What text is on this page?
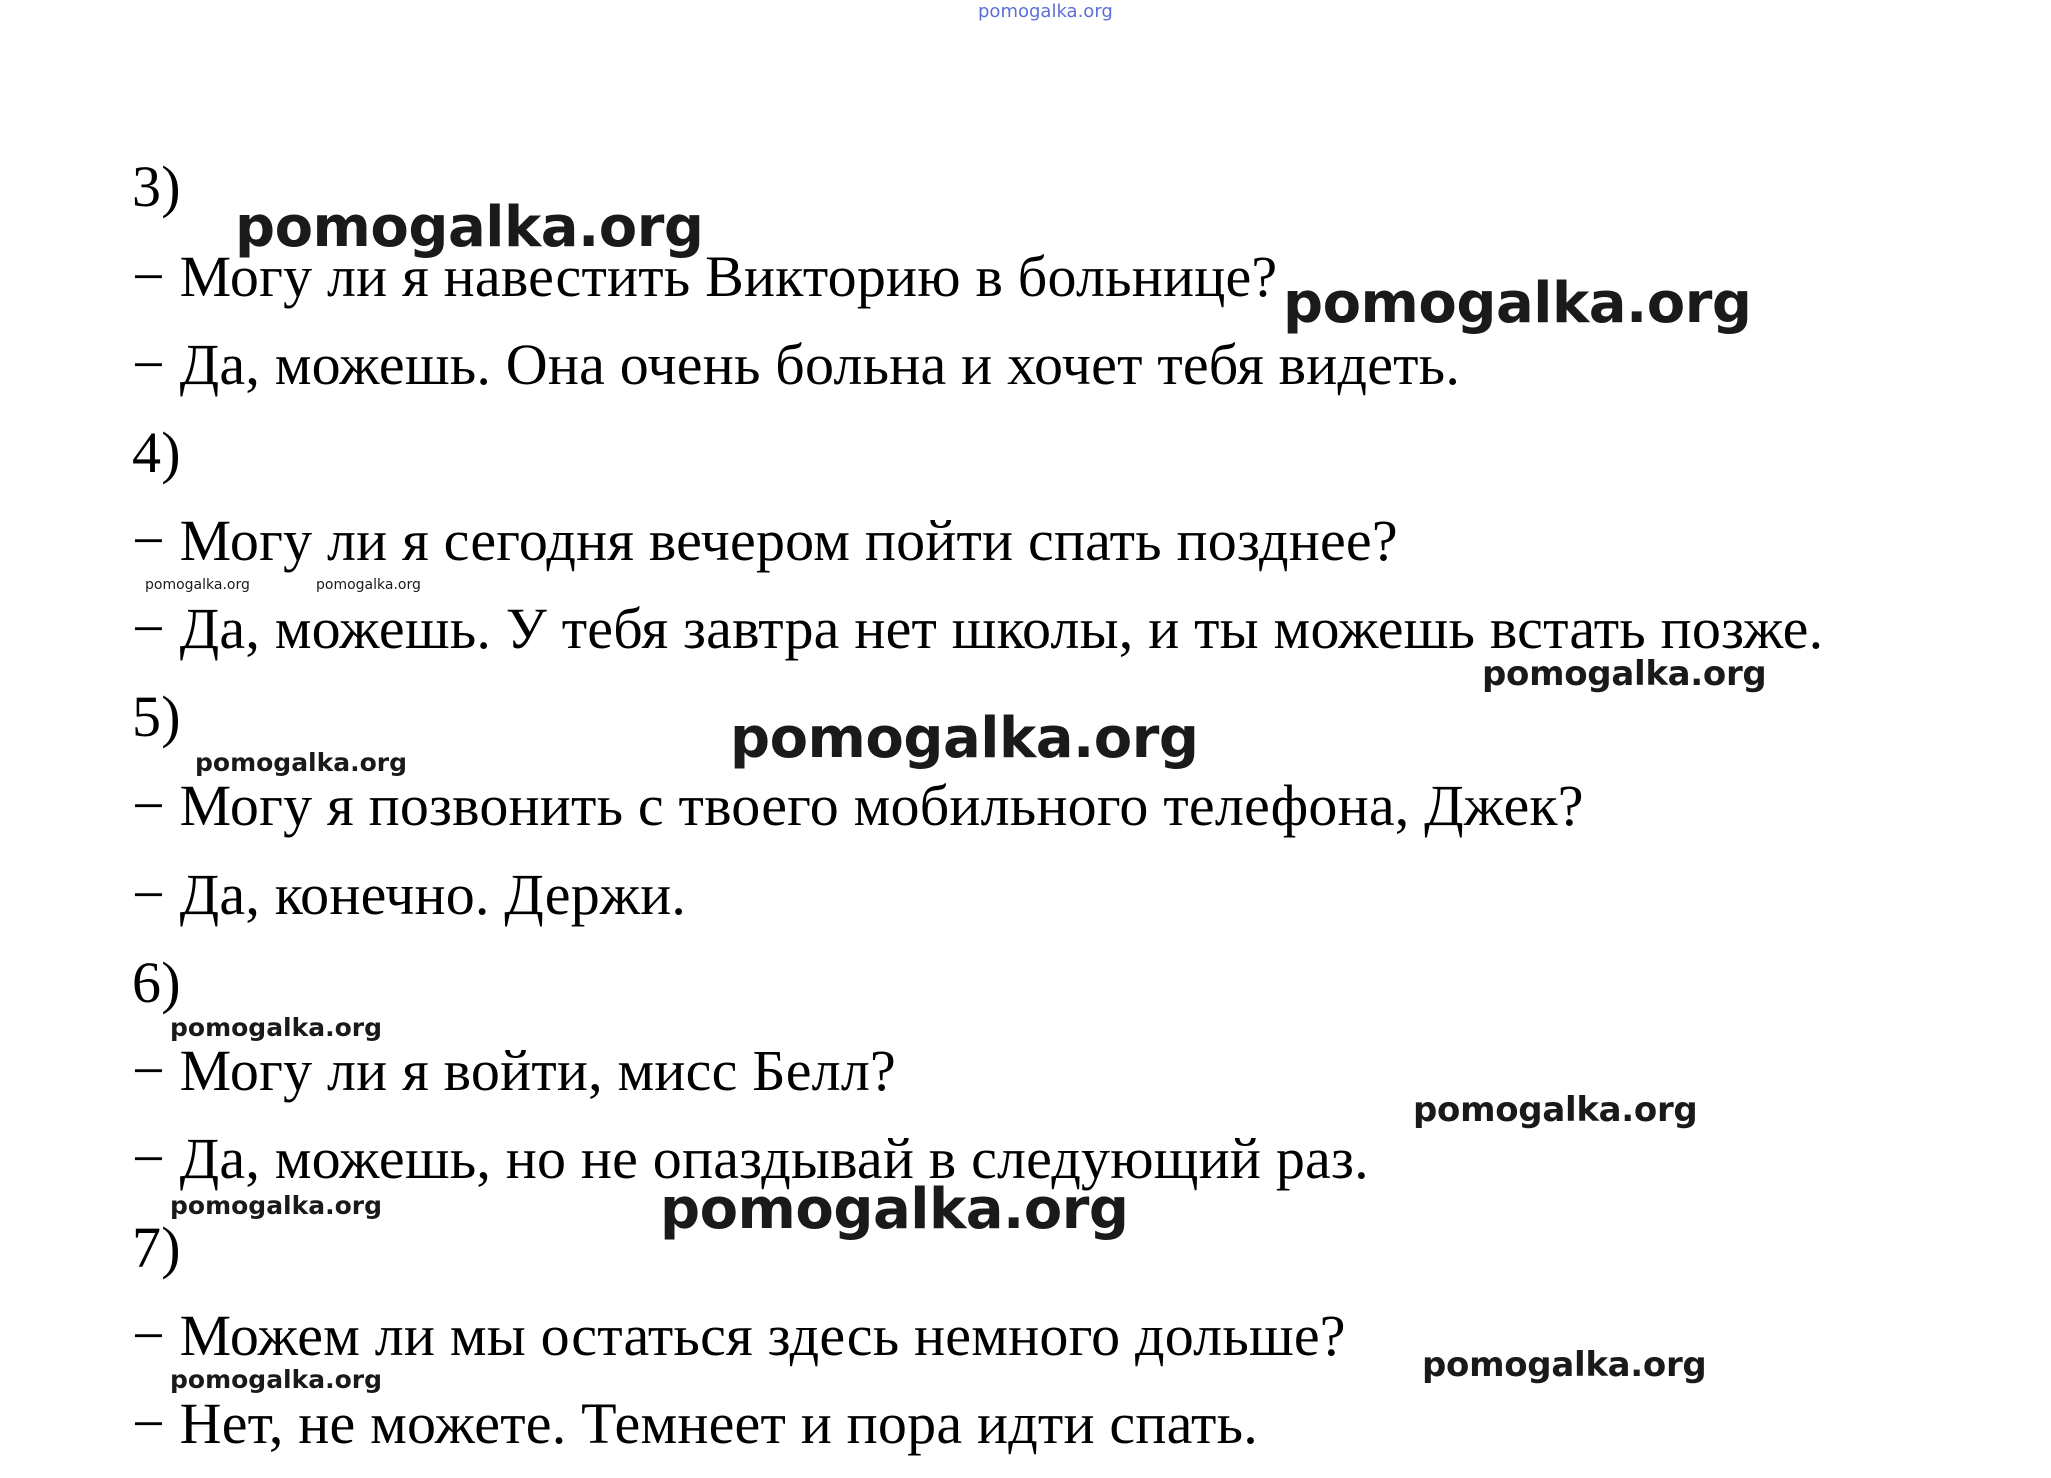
pomogalka.org
3)
− Могу ли я навестить Викторию в больнице?
− Да, можешь. Она очень больна и хочет тебя видеть.
4)
− Могу ли я сегодня вечером пойти спать позднее?
− Да, можешь. У тебя завтра нет школы, и ты можешь встать позже.
5)
− Могу я позвонить с твоего мобильного телефона, Джек?
− Да, конечно. Держи.
6)
− Могу ли я войти, мисс Белл?
− Да, можешь, но не опаздывай в следующий раз.
7)
− Можем ли мы остаться здесь немного дольше?
− Нет, не можете. Темнеет и пора идти спать.
pomogalka.org
pomogalka.org
pomogalka.org	pomogalka.org
pomogalka.org
pomogalka.org
pomogalka.org
pomogalka.org
pomogalka.org
pomogalka.org	pomogalka.org
pomogalka.org
pomogalka.org
